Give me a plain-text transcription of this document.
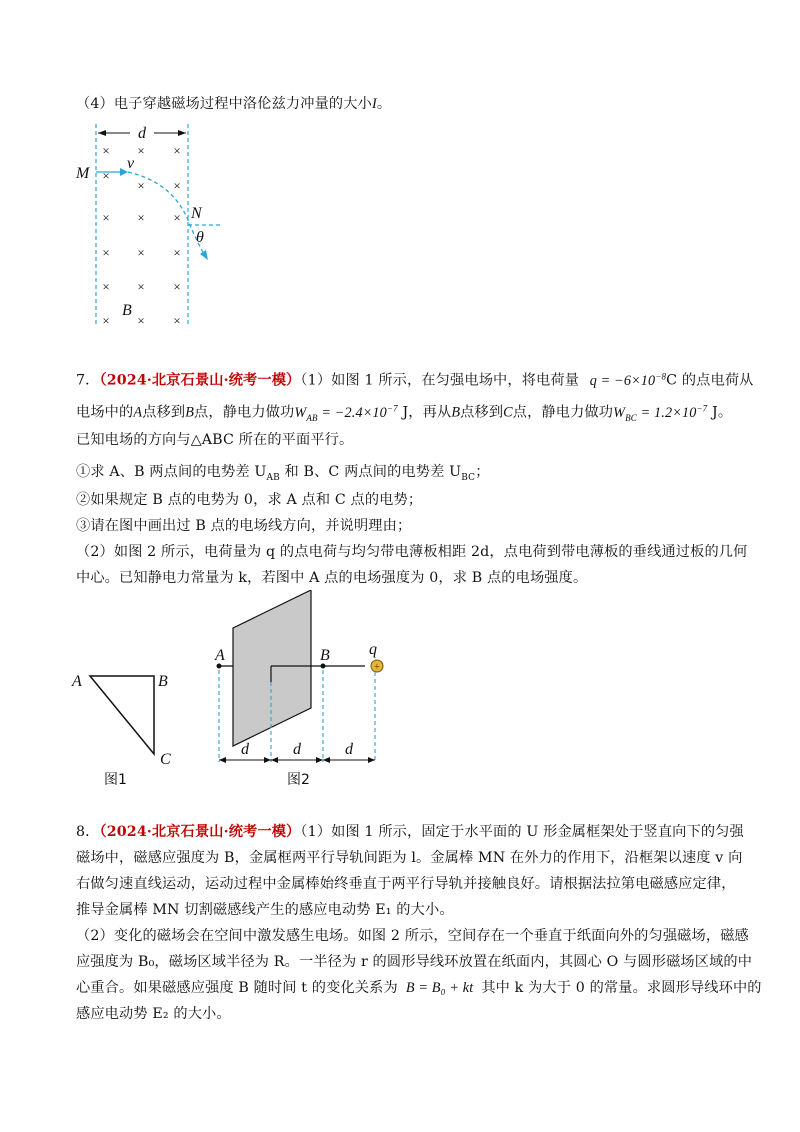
（4）电子穿越磁场过程中洛伦兹力冲量的大小I。
d
M
v
N
θ
× × ×
×
× ×
× × ×
× × ×
× × ×
× × ×
B
7．（2024·北京石景山·统考一模）（1）如图 1 所示，在匀强电场中，将电荷量 $q = -6\times 10^{-8}C$ 的点电荷从
电场中的A点移到B点，静电力做功$W_{AB} = -2.4\times 10^{-7}$ J，再从B点移到C点，静电力做功$W_{BC} = 1.2\times 10^{-7}$ J。
已知电场的方向与△ABC 所在的平面平行。
①求 A、B 两点间的电势差 $U_{AB}$ 和 B、C 两点间的电势差 $U_{BC}$；
②如果规定 B 点的电势为 0，求 A 点和 C 点的电势；
③请在图中画出过 B 点的电场线方向，并说明理由；
（2）如图 2 所示，电荷量为 q 的点电荷与均匀带电薄板相距 2d，点电荷到带电薄板的垂线通过板的几何
中心。已知静电力常量为 k，若图中 A 点的电场强度为 0，求 B 点的电场强度。
A	B
C
图1
+
A	B q
d	d	d
图2
8．（2024·北京石景山·统考一模）（1）如图 1 所示，固定于水平面的 U 形金属框架处于竖直向下的匀强
磁场中，磁感应强度为 B，金属框两平行导轨间距为 l。金属棒 MN 在外力的作用下，沿框架以速度 v 向
右做匀速直线运动，运动过程中金属棒始终垂直于两平行导轨并接触良好。请根据法拉第电磁感应定律，
推导金属棒 MN 切割磁感线产生的感应电动势 E₁ 的大小。
（2）变化的磁场会在空间中激发感生电场。如图 2 所示，空间存在一个垂直于纸面向外的匀强磁场，磁感
应强度为 B₀，磁场区域半径为 R。一半径为 r 的圆形导线环放置在纸面内，其圆心 O 与圆形磁场区域的中
心重合。如果磁感应强度 B 随时间 t 的变化关系为 B = B₀ + kt 其中 k 为大于 0 的常量。求圆形导线环中的
感应电动势 E₂ 的大小。
